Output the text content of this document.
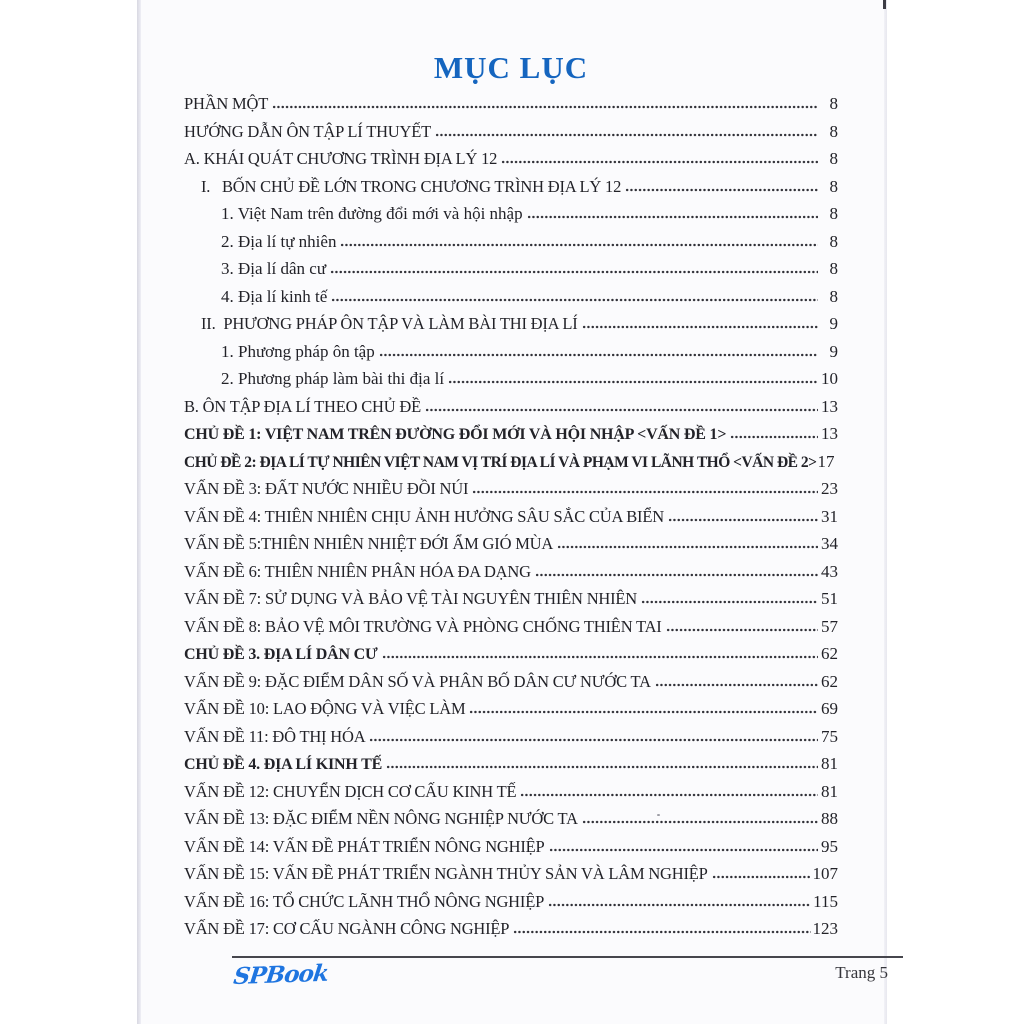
MỤC LỤC
PHẦN MỘT	8
HƯỚNG DẪN ÔN TẬP LÍ THUYẾT	8
A. KHÁI QUÁT CHƯƠNG TRÌNH ĐỊA LÝ 12	8
I.   BỐN CHỦ ĐỀ LỚN TRONG CHƯƠNG TRÌNH ĐỊA LÝ 12	8
1. Việt Nam trên đường đổi mới và hội nhập	8
2. Địa lí tự nhiên	8
3. Địa lí dân cư	8
4. Địa lí kinh tế	8
II.  PHƯƠNG PHÁP ÔN TẬP VÀ LÀM BÀI THI ĐỊA LÍ	9
1. Phương pháp ôn tập	9
2. Phương pháp làm bài thi địa lí	10
B. ÔN TẬP ĐỊA LÍ THEO CHỦ ĐỀ	13
CHỦ ĐỀ 1: VIỆT NAM TRÊN ĐƯỜNG ĐỔI MỚI VÀ HỘI NHẬP <VẤN ĐỀ 1>	13
CHỦ ĐỀ 2: ĐỊA LÍ TỰ NHIÊN VIỆT NAM VỊ TRÍ ĐỊA LÍ VÀ PHẠM VI LÃNH THỔ <VẤN ĐỀ 2> 17
VẤN ĐỀ 3: ĐẤT NƯỚC NHIỀU ĐỒI NÚI	23
VẤN ĐỀ 4: THIÊN NHIÊN CHỊU ẢNH HƯỞNG SÂU SẮC CỦA BIỂN	31
VẤN ĐỀ 5:THIÊN NHIÊN NHIỆT ĐỚI ẨM GIÓ MÙA	34
VẤN ĐỀ 6: THIÊN NHIÊN PHÂN HÓA ĐA DẠNG	43
VẤN ĐỀ 7: SỬ DỤNG VÀ BẢO VỆ TÀI NGUYÊN THIÊN NHIÊN	51
VẤN ĐỀ 8: BẢO VỆ MÔI TRƯỜNG VÀ PHÒNG CHỐNG THIÊN TAI	57
CHỦ ĐỀ 3. ĐỊA LÍ DÂN CƯ	62
VẤN ĐỀ 9: ĐẶC ĐIỂM DÂN SỐ VÀ PHÂN BỐ DÂN CƯ NƯỚC TA	62
VẤN ĐỀ 10: LAO ĐỘNG VÀ VIỆC LÀM	69
VẤN ĐỀ 11: ĐÔ THỊ HÓA	75
CHỦ ĐỀ 4. ĐỊA LÍ KINH TẾ	81
VẤN ĐỀ 12: CHUYỂN DỊCH CƠ CẤU KINH TẾ	81
VẤN ĐỀ 13: ĐẶC ĐIỂM NỀN NÔNG NGHIỆP NƯỚC TA	88
VẤN ĐỀ 14: VẤN ĐỀ PHÁT TRIỂN NÔNG NGHIỆP	95
VẤN ĐỀ 15: VẤN ĐỀ PHÁT TRIỂN NGÀNH THỦY SẢN VÀ LÂM NGHIỆP	107
VẤN ĐỀ 16: TỔ CHỨC LÃNH THỔ NÔNG NGHIỆP	115
VẤN ĐỀ 17: CƠ CẤU NGÀNH CÔNG NGHIỆP	123
SPBook	Trang 5
